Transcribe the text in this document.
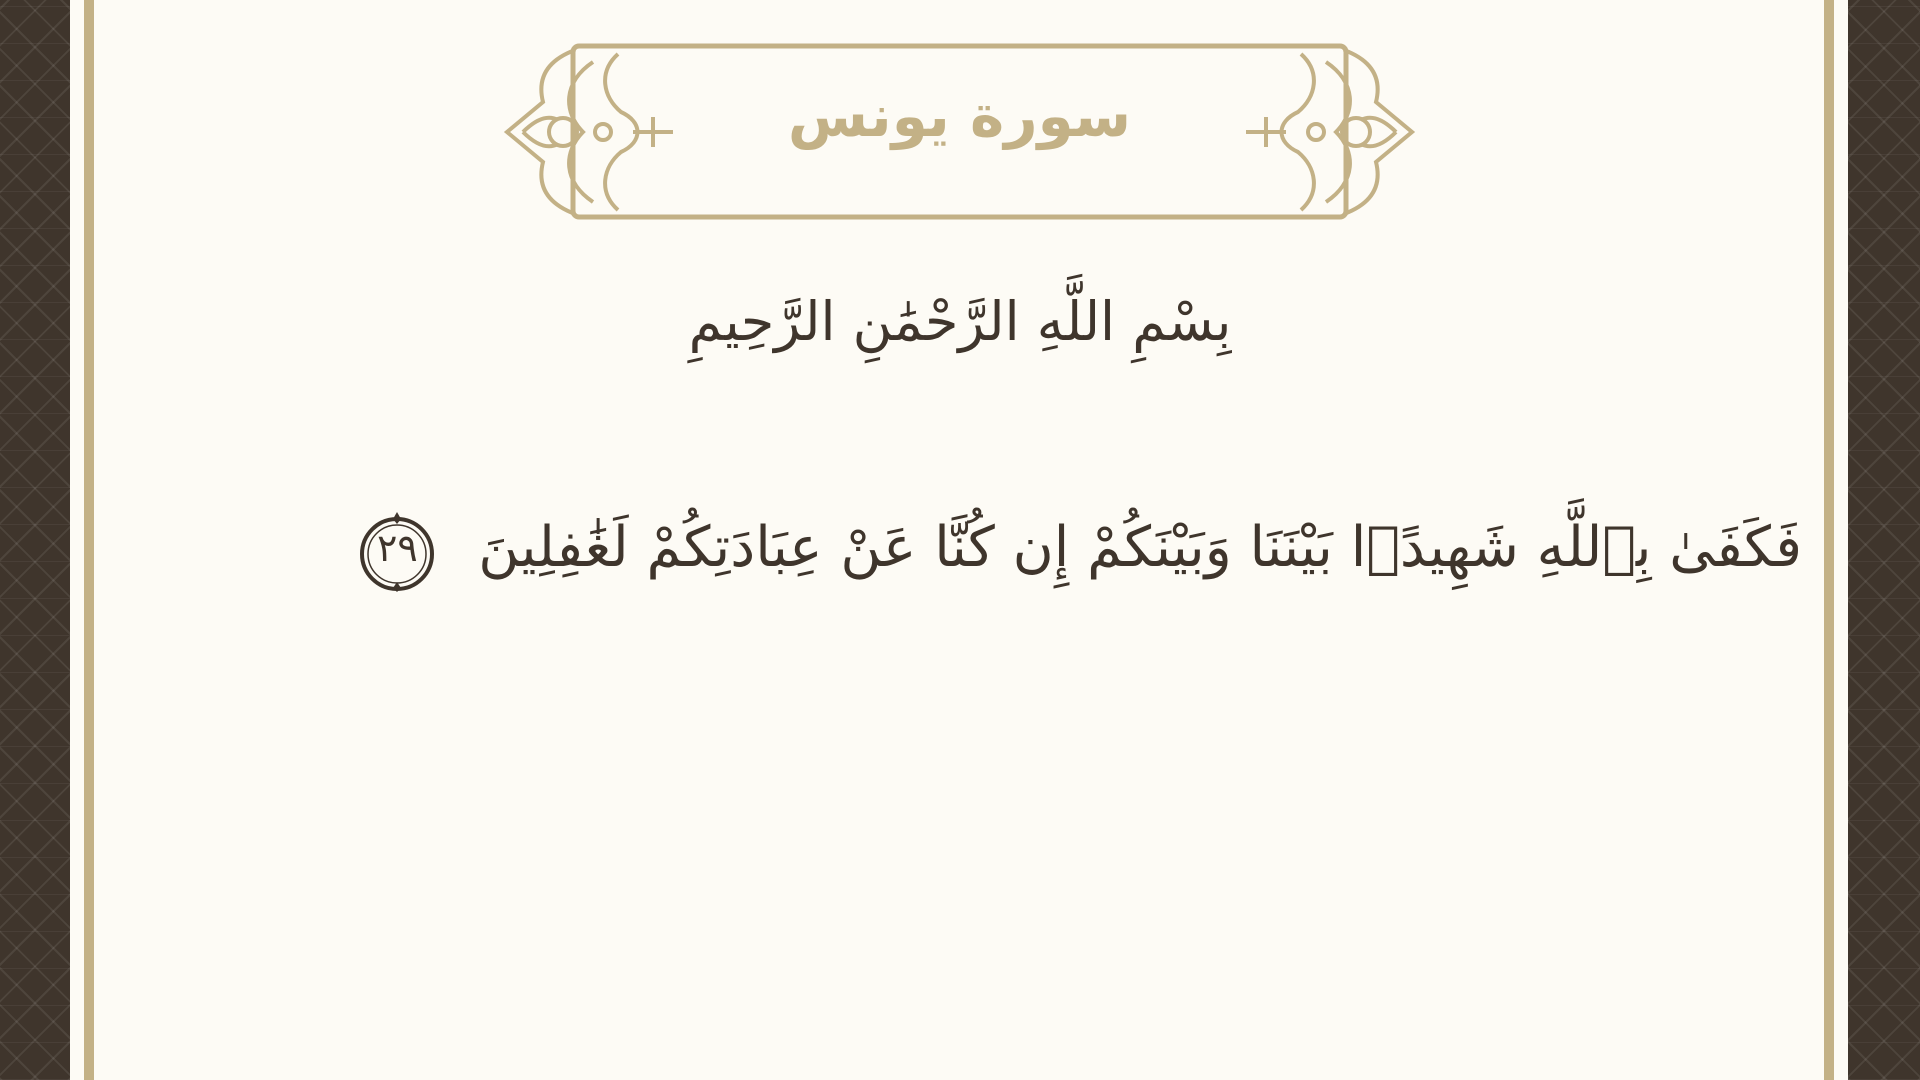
سورة يونس
بِسْمِ اللَّهِ الرَّحْمَٰنِ الرَّحِيمِ
فَكَفَىٰ بِٱللَّهِ شَهِيدًۢا بَيْنَنَا وَبَيْنَكُمْ إِن كُنَّا عَنْ عِبَادَتِكُمْ لَغَٰفِلِينَ
٢٩
